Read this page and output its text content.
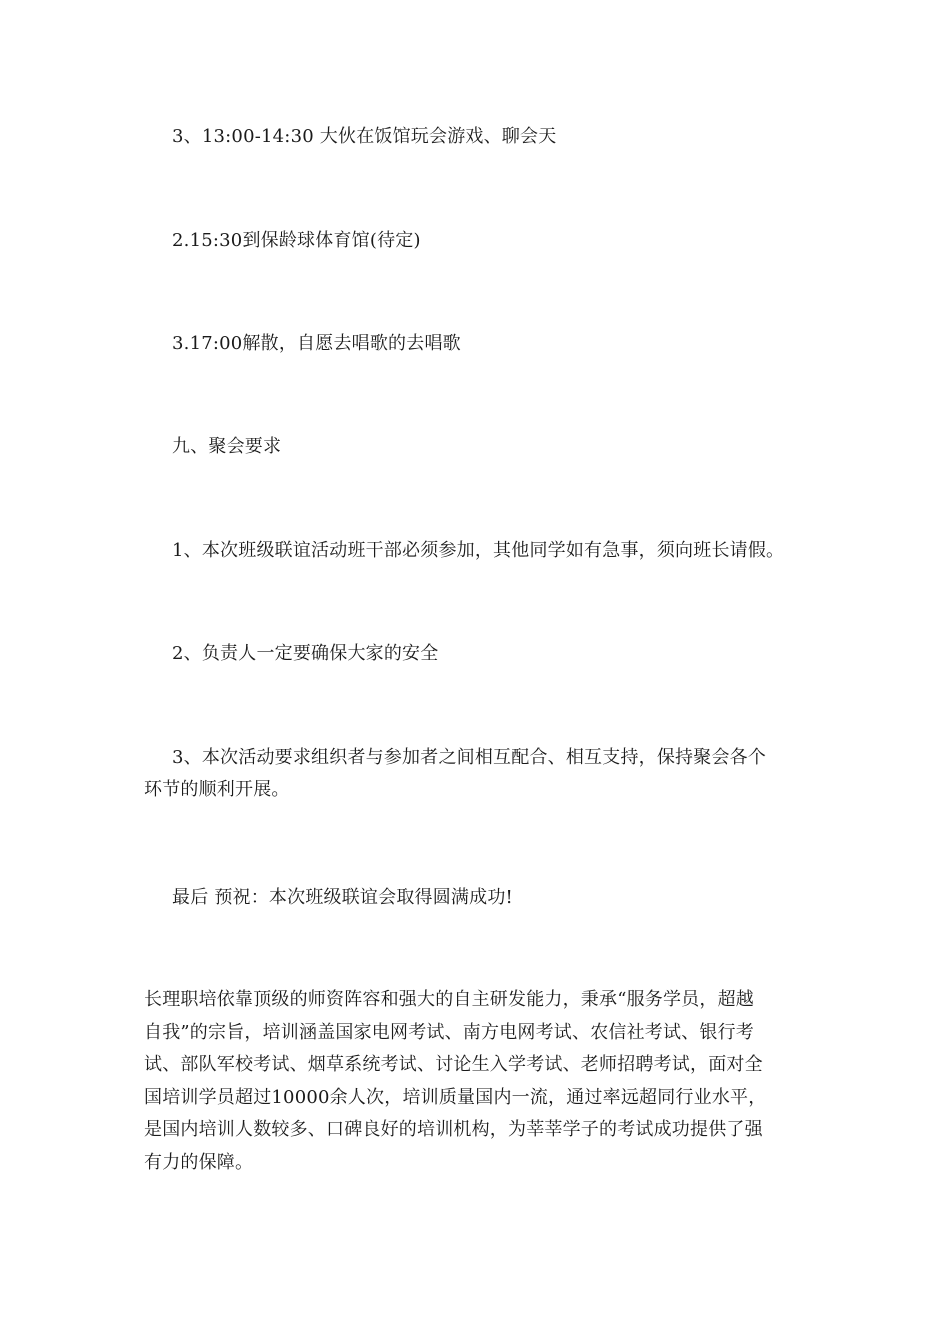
3、13:00-14:30 大伙在饭馆玩会游戏、聊会天
2.15:30到保龄球体育馆(待定)
3.17:00解散，自愿去唱歌的去唱歌
九、聚会要求
1、本次班级联谊活动班干部必须参加，其他同学如有急事，须向班长请假。
2、负责人一定要确保大家的安全
3、本次活动要求组织者与参加者之间相互配合、相互支持，保持聚会各个
环节的顺利开展。
最后 预祝：本次班级联谊会取得圆满成功!
长理职培依靠顶级的师资阵容和强大的自主研发能力，秉承“服务学员，超越
自我”的宗旨，培训涵盖国家电网考试、南方电网考试、农信社考试、银行考
试、部队军校考试、烟草系统考试、讨论生入学考试、老师招聘考试，面对全
国培训学员超过10000余人次，培训质量国内一流，通过率远超同行业水平，
是国内培训人数较多、口碑良好的培训机构，为莘莘学子的考试成功提供了强
有力的保障。
